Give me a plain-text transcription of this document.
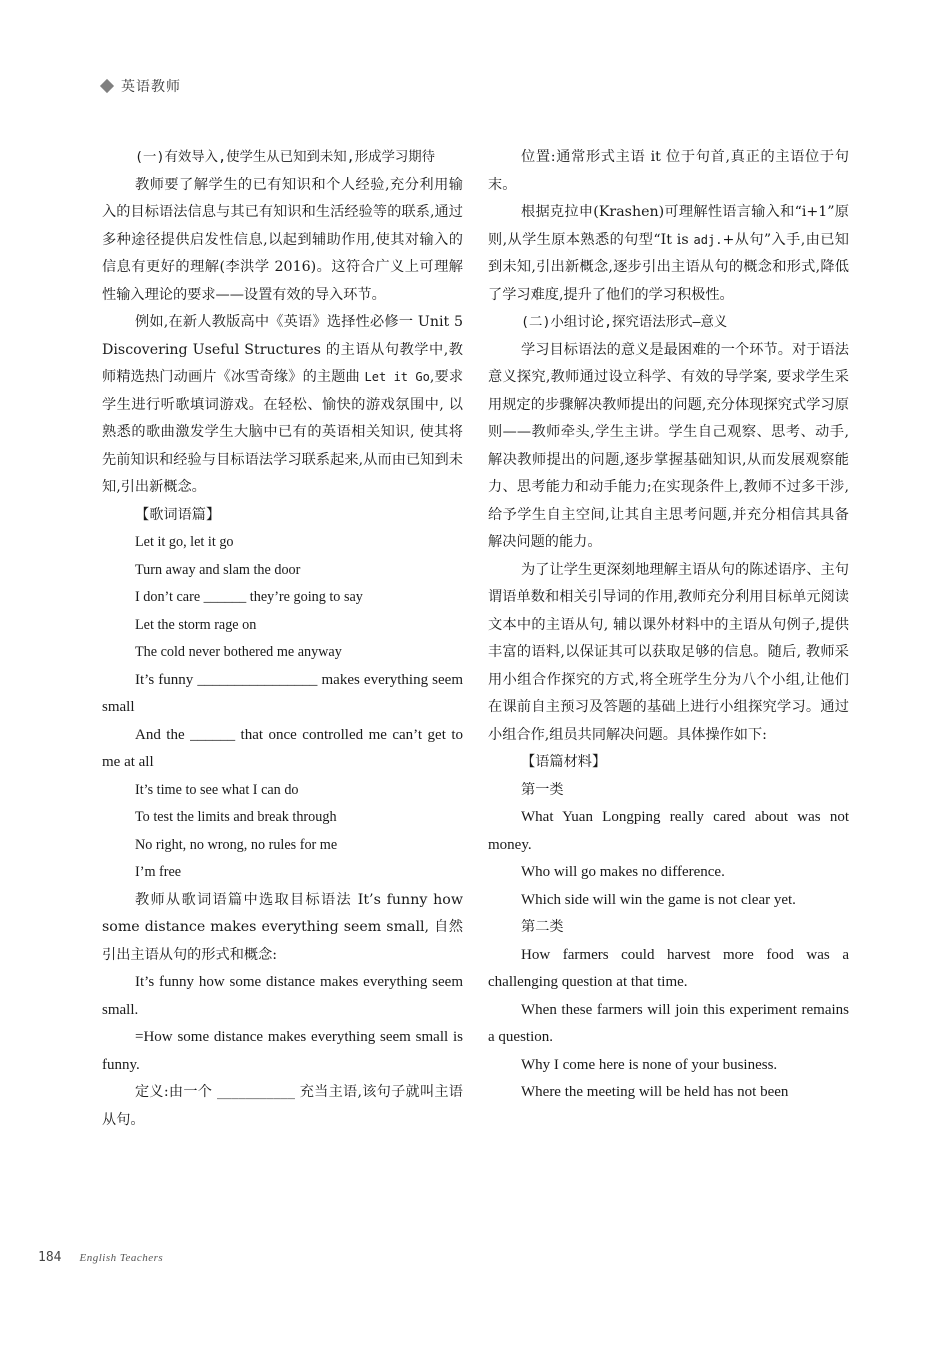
英语教师

(一)有效导入,使学生从已知到未知,形成学习期待

教师要了解学生的已有知识和个人经验,充分利用输入的目标语法信息与其已有知识和生活经验等的联系,通过多种途径提供启发性信息,以起到辅助作用,使其对输入的信息有更好的理解(李洪学 2016)。这符合广义上可理解性输入理论的要求——设置有效的导入环节。

例如,在新人教版高中《英语》选择性必修一 Unit 5 Discovering Useful Structures 的主语从句教学中,教师精选热门动画片《冰雪奇缘》的主题曲 Let it Go,要求学生进行听歌填词游戏。在轻松、愉快的游戏氛围中, 以熟悉的歌曲激发学生大脑中已有的英语相关知识, 使其将先前知识和经验与目标语法学习联系起来,从而由已知到未知,引出新概念。

【歌词语篇】

Let it go, let it go

Turn away and slam the door

I don’t care ______ they’re going to say

Let the storm rage on

The cold never bothered me anyway

It’s funny ________________ makes everything seem small

And the ______ that once controlled me can’t get to me at all

It’s time to see what I can do

To test the limits and break through

No right, no wrong, no rules for me

I’m free

教师从歌词语篇中选取目标语法 It’s funny how some distance makes everything seem small, 自然引出主语从句的形式和概念:

It’s funny how some distance makes everything seem small.

=How some distance makes everything seem small is funny.

定义:由一个 ___________ 充当主语,该句子就叫主语从句。

位置:通常形式主语 it 位于句首,真正的主语位于句末。

根据克拉申(Krashen)可理解性语言输入和“i+1”原则,从学生原本熟悉的句型“It is adj.+从句”入手,由已知到未知,引出新概念,逐步引出主语从句的概念和形式,降低了学习难度,提升了他们的学习积极性。

(二)小组讨论,探究语法形式—意义

学习目标语法的意义是最困难的一个环节。对于语法意义探究,教师通过设立科学、有效的导学案, 要求学生采用规定的步骤解决教师提出的问题,充分体现探究式学习原则——教师牵头,学生主讲。学生自己观察、思考、动手,解决教师提出的问题,逐步掌握基础知识,从而发展观察能力、思考能力和动手能力;在实现条件上,教师不过多干涉,给予学生自主空间,让其自主思考问题,并充分相信其具备解决问题的能力。

为了让学生更深刻地理解主语从句的陈述语序、主句谓语单数和相关引导词的作用,教师充分利用目标单元阅读文本中的主语从句, 辅以课外材料中的主语从句例子,提供丰富的语料,以保证其可以获取足够的信息。随后, 教师采用小组合作探究的方式,将全班学生分为八个小组,让他们在课前自主预习及答题的基础上进行小组探究学习。通过小组合作,组员共同解决问题。具体操作如下:

【语篇材料】

第一类

What Yuan Longping really cared about was not money.

Who will go makes no difference.

Which side will win the game is not clear yet.

第二类

How farmers could harvest more food was a challenging question at that time.

When these farmers will join this experiment remains a question.

Why I come here is none of your business.

Where the meeting will be held has not been

184 English Teachers
